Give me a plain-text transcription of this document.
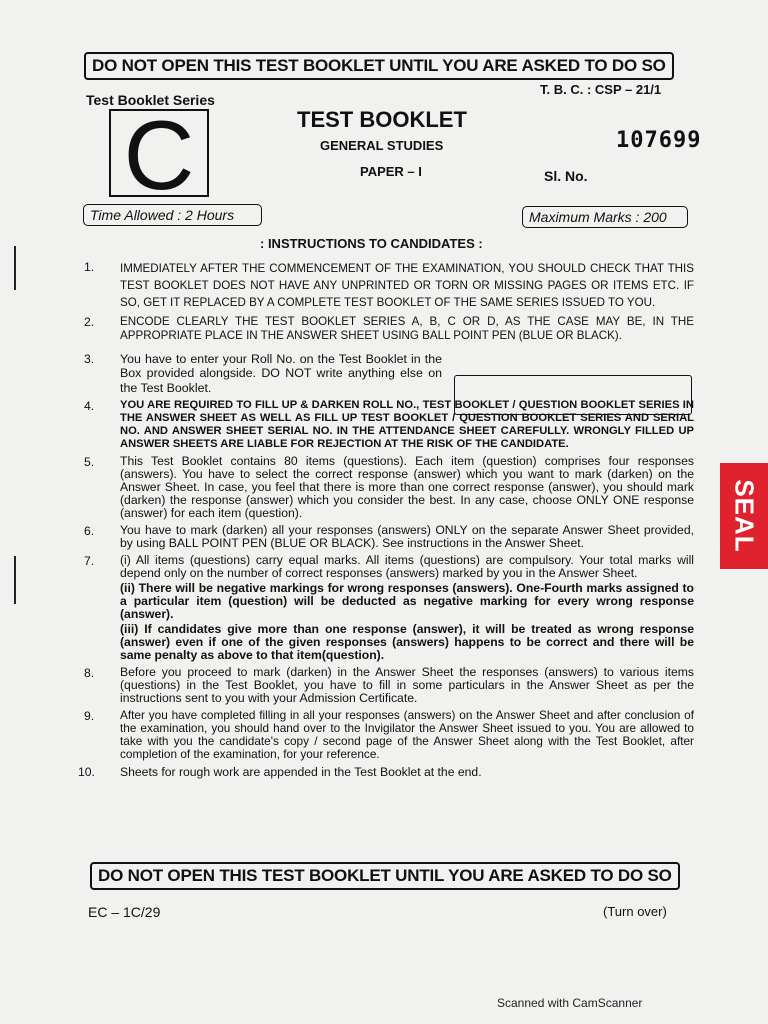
DO NOT OPEN THIS TEST BOOKLET UNTIL YOU ARE ASKED TO DO SO
Test Booklet Series
C
T. B. C. : CSP – 21/1
TEST BOOKLET
GENERAL STUDIES
PAPER – I
107699
Sl. No.
Time Allowed : 2 Hours	Maximum Marks : 200
: INSTRUCTIONS TO CANDIDATES :
1. IMMEDIATELY AFTER THE COMMENCEMENT OF THE EXAMINATION, YOU SHOULD CHECK THAT THIS TEST BOOKLET DOES NOT HAVE ANY UNPRINTED OR TORN OR MISSING PAGES OR ITEMS ETC. IF SO, GET IT REPLACED BY A COMPLETE TEST BOOKLET OF THE SAME SERIES ISSUED TO YOU.
2. ENCODE CLEARLY THE TEST BOOKLET SERIES A, B, C OR D, AS THE CASE MAY BE, IN THE APPROPRIATE PLACE IN THE ANSWER SHEET USING BALL POINT PEN (BLUE OR BLACK).
3. You have to enter your Roll No. on the Test Booklet in the Box provided alongside. DO NOT write anything else on the Test Booklet.
4. YOU ARE REQUIRED TO FILL UP & DARKEN ROLL NO., TEST BOOKLET / QUESTION BOOKLET SERIES IN THE ANSWER SHEET AS WELL AS FILL UP TEST BOOKLET / QUESTION BOOKLET SERIES AND SERIAL NO. AND ANSWER SHEET SERIAL NO. IN THE ATTENDANCE SHEET CAREFULLY. WRONGLY FILLED UP ANSWER SHEETS ARE LIABLE FOR REJECTION AT THE RISK OF THE CANDIDATE.
5. This Test Booklet contains 80 items (questions). Each item (question) comprises four responses (answers). You have to select the correct response (answer) which you want to mark (darken) on the Answer Sheet. In case, you feel that there is more than one correct response (answer), you should mark (darken) the response (answer) which you consider the best. In any case, choose ONLY ONE response (answer) for each item (question).
6. You have to mark (darken) all your responses (answers) ONLY on the separate Answer Sheet provided, by using BALL POINT PEN (BLUE OR BLACK). See instructions in the Answer Sheet.
7. (i) All items (questions) carry equal marks. All items (questions) are compulsory. Your total marks will depend only on the number of correct responses (answers) marked by you in the Answer Sheet.
(ii) There will be negative markings for wrong responses (answers). One-Fourth marks assigned to a particular item (question) will be deducted as negative marking for every wrong response (answer).
(iii) If candidates give more than one response (answer), it will be treated as wrong response (answer) even if one of the given responses (answers) happens to be correct and there will be same penalty as above to that item(question).
8. Before you proceed to mark (darken) in the Answer Sheet the responses (answers) to various items (questions) in the Test Booklet, you have to fill in some particulars in the Answer Sheet as per the instructions sent to you with your Admission Certificate.
9. After you have completed filling in all your responses (answers) on the Answer Sheet and after conclusion of the examination, you should hand over to the Invigilator the Answer Sheet issued to you. You are allowed to take with you the candidate's copy / second page of the Answer Sheet along with the Test Booklet, after completion of the examination, for your reference.
10. Sheets for rough work are appended in the Test Booklet at the end.
DO NOT OPEN THIS TEST BOOKLET UNTIL YOU ARE ASKED TO DO SO
EC – 1C/29	(Turn over)
SEAL
Scanned with CamScanner
